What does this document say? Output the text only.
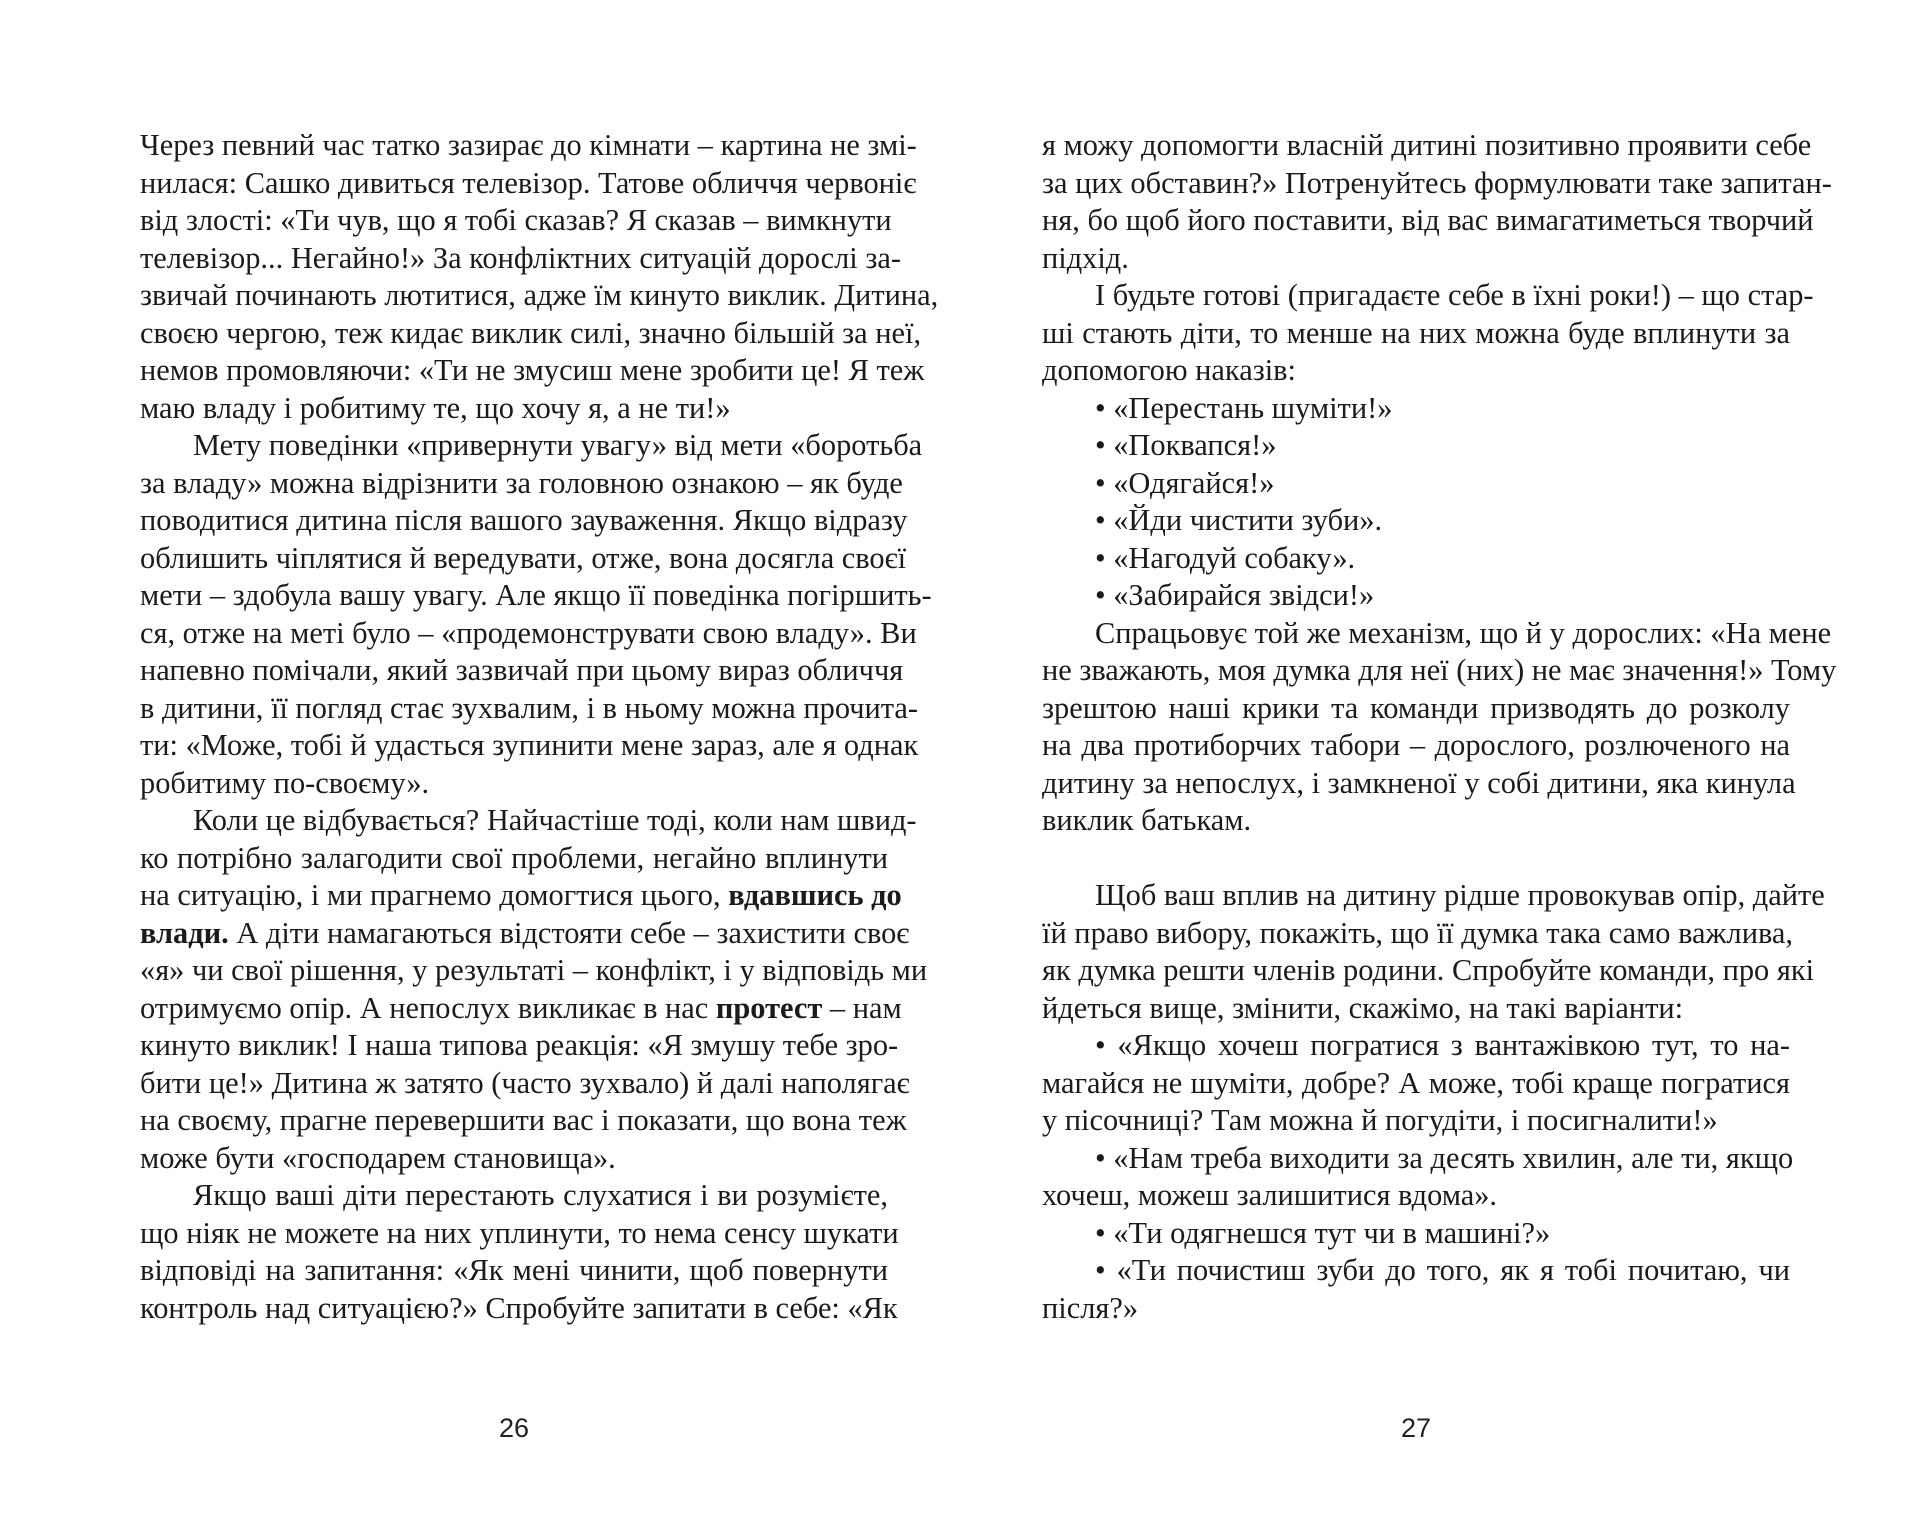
Через певний час татко зазирає до кімнати – картина не змі-
нилася: Сашко дивиться телевізор. Татове обличчя червоніє
від злості: «Ти чув, що я тобі сказав? Я сказав – вимкнути
телевізор... Негайно!» За конфліктних ситуацій дорослі за-
звичай починають лютитися, адже їм кинуто виклик. Дитина,
своєю чергою, теж кидає виклик силі, значно більшій за неї,
немов промовляючи: «Ти не змусиш мене зробити це! Я теж
маю владу і робитиму те, що хочу я, а не ти!»
Мету поведінки «привернути увагу» від мети «боротьба
за владу» можна відрізнити за головною ознакою – як буде
поводитися дитина після вашого зауваження. Якщо відразу
облишить чіплятися й вередувати, отже, вона досягла своєї
мети – здобула вашу увагу. Але якщо її поведінка погіршить-
ся, отже на меті було – «продемонструвати свою владу». Ви
напевно помічали, який зазвичай при цьому вираз обличчя
в дитини, її погляд стає зухвалим, і в ньому можна прочита-
ти: «Може, тобі й удасться зупинити мене зараз, але я однак
робитиму по-своєму».
Коли це відбувається? Найчастіше тоді, коли нам швид-
ко потрібно залагодити свої проблеми, негайно вплинути
на ситуацію, і ми прагнемо домогтися цього, вдавшись до
влади. А діти намагаються відстояти себе – захистити своє
«я» чи свої рішення, у результаті – конфлікт, і у відповідь ми
отримуємо опір. А непослух викликає в нас протест – нам
кинуто виклик! І наша типова реакція: «Я змушу тебе зро-
бити це!» Дитина ж затято (часто зухвало) й далі наполягає
на своєму, прагне перевершити вас і показати, що вона теж
може бути «господарем становища».
Якщо ваші діти перестають слухатися і ви розумієте,
що ніяк не можете на них уплинути, то нема сенсу шукати
відповіді на запитання: «Як мені чинити, щоб повернути
контроль над ситуацією?» Спробуйте запитати в себе: «Як
26
я можу допомогти власній дитині позитивно проявити себе
за цих обставин?» Потренуйтесь формулювати таке запитан-
ня, бо щоб його поставити, від вас вимагатиметься творчий
підхід.
І будьте готові (пригадаєте себе в їхні роки!) – що стар-
ші стають діти, то менше на них можна буде вплинути за
допомогою наказів:
• «Перестань шуміти!»
• «Поквапся!»
• «Одягайся!»
• «Йди чистити зуби».
• «Нагодуй собаку».
• «Забирайся звідси!»
Спрацьовує той же механізм, що й у дорослих: «На мене
не зважають, моя думка для неї (них) не має значення!» Тому
зрештою наші крики та команди призводять до розколу
на два протиборчих табори – дорослого, розлюченого на
дитину за непослух, і замкненої у собі дитини, яка кинула
виклик батькам.
Щоб ваш вплив на дитину рідше провокував опір, дайте
їй право вибору, покажіть, що її думка така само важлива,
як думка решти членів родини. Спробуйте команди, про які
йдеться вище, змінити, скажімо, на такі варіанти:
• «Якщо хочеш погратися з вантажівкою тут, то на-
магайся не шуміти, добре? А може, тобі краще погратися
у пісочниці? Там можна й погудіти, і посигналити!»
• «Нам треба виходити за десять хвилин, але ти, якщо
хочеш, можеш залишитися вдома».
• «Ти одягнешся тут чи в машині?»
• «Ти почистиш зуби до того, як я тобі почитаю, чи
після?»
27
